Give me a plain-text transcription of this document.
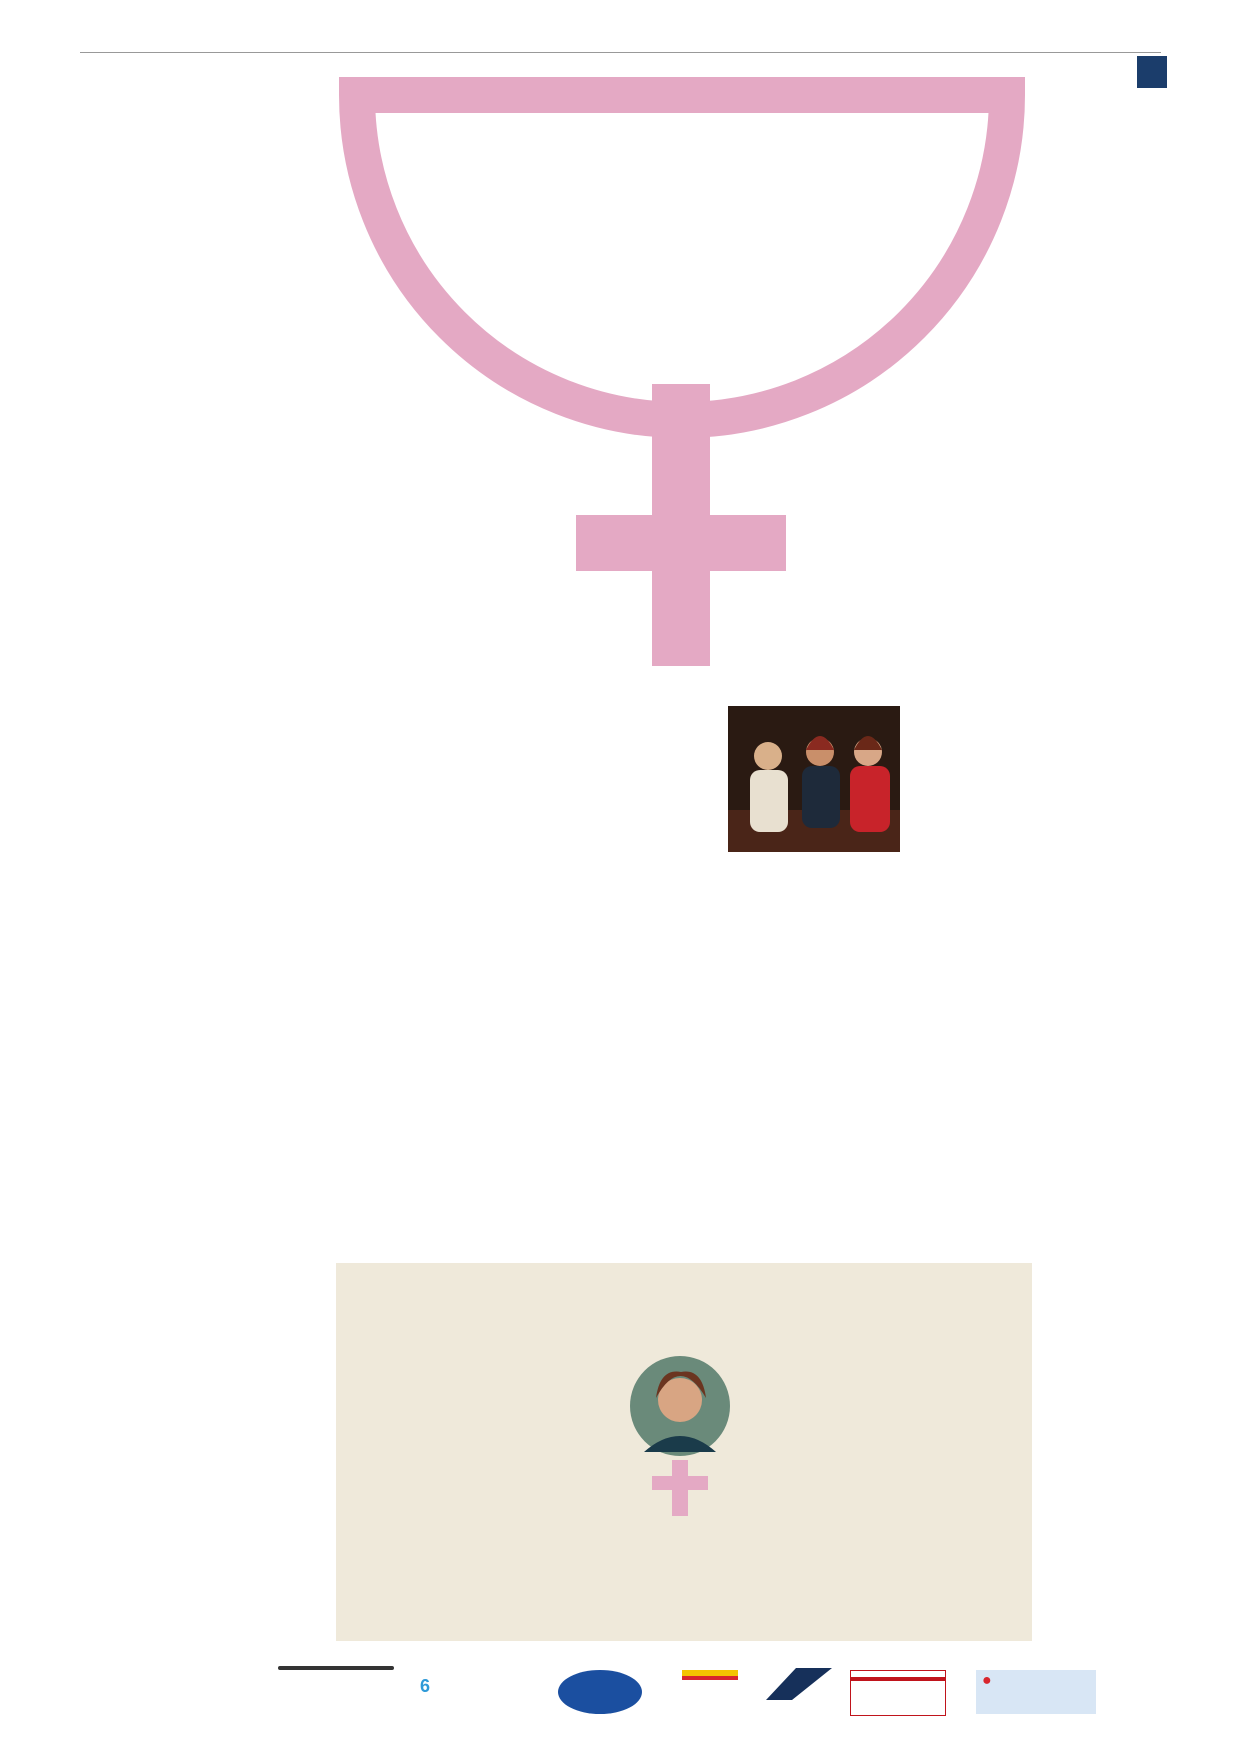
6	●
